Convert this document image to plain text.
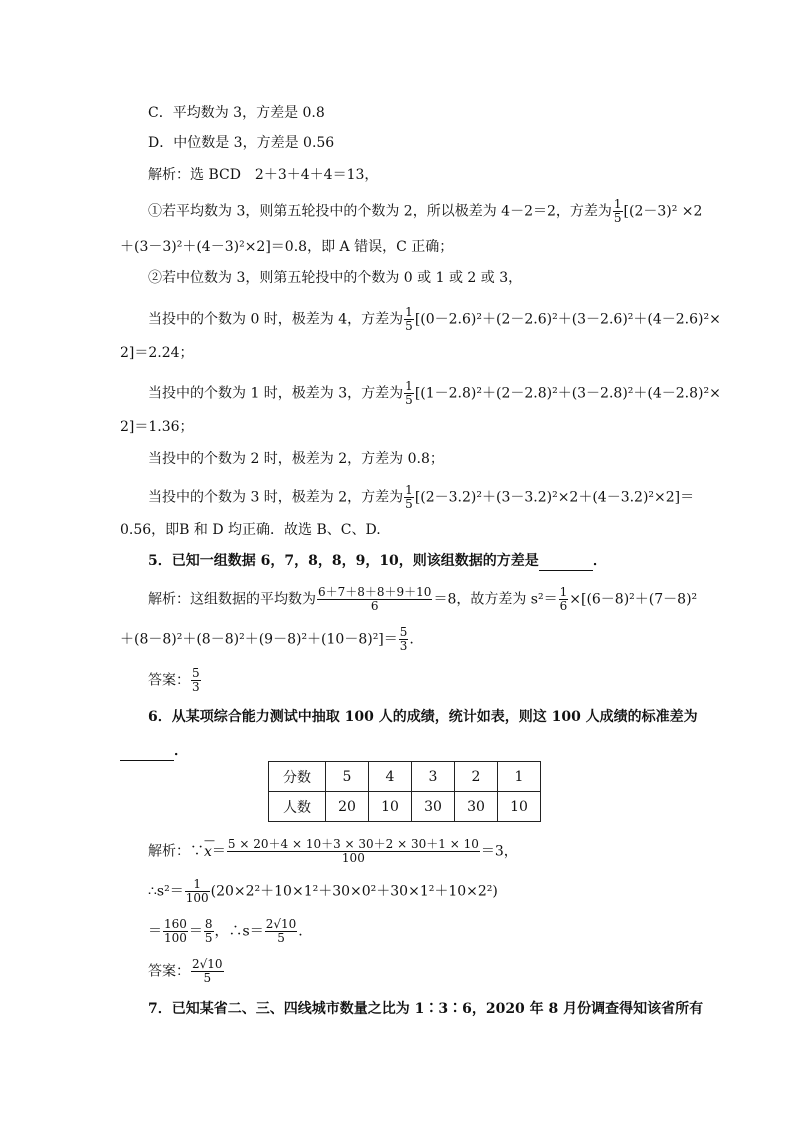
C．平均数为 3，方差是 0.8
D．中位数是 3，方差是 0.56
解析：选 BCD　2＋3＋4＋4＝13，
①若平均数为 3，则第五轮投中的个数为 2，所以极差为 4－2＝2，方差为 $\frac{1}{5} [(2-3)^2 \times 2$
＋(3－3)²＋(4－3)²×2]＝0.8，即 A 错误，C 正确；
②若中位数为 3，则第五轮投中的个数为 0 或 1 或 2 或 3，
当投中的个数为 0 时，极差为 4，方差为 $\frac{1}{5} [(0-2.6)^2+(2-2.6)^2+(3-2.6)^2+(4-2.6)^2\times$
2]＝2.24；
当投中的个数为 1 时，极差为 3，方差为 $\frac{1}{5} [(1-2.8)^2+(2-2.8)^2+(3-2.8)^2+(4-2.8)^2\times$
2]＝1.36；
当投中的个数为 2 时，极差为 2，方差为 0.8；
当投中的个数为 3 时，极差为 2，方差为 $\frac{1}{5} [(2-3.2)^2+(3-3.2)^2\times 2+(4-3.2)^2\times 2]=$
0.56，即B 和 D 均正确．故选 B、C、D.
5．已知一组数据 6，7，8，8，9，10，则该组数据的方差是	．
解析：这组数据的平均数为 $\frac{6+7+8+8+9+10}{6} =8$，故方差为 $s^2= \frac{1}{6} \times[(6-8)^2+(7-8)^2$
$+(8-8)^2+(8-8)^2+(9-8)^2+(10-8)^2]= \frac{5}{3}$ .
答案： $\frac{5}{3}$
6．从某项综合能力测试中抽取 100 人的成绩，统计如表，则这 100 人成绩的标准差为
．
分数	5	4	3	2	1
人数	20	10	30	30	10
解析：∵— $x= \frac{5 \times 20+4 \times 10+3 \times 30+2 \times 30+1 \times 10}{100} =3$，
∴s²＝ $\frac{1}{100} (20\times 2^2+10\times 1^2+30\times 0^2+30\times 1^2+10\times 2^2)$
＝ $\frac{160}{100} = \frac{8}{5}$ ，∴s＝ $\frac{2√10}{5}$ .
答案： $\frac{2√10}{5}$
7．已知某省二、三、四线城市数量之比为 1∶3∶6，2020 年 8 月份调查得知该省所有
